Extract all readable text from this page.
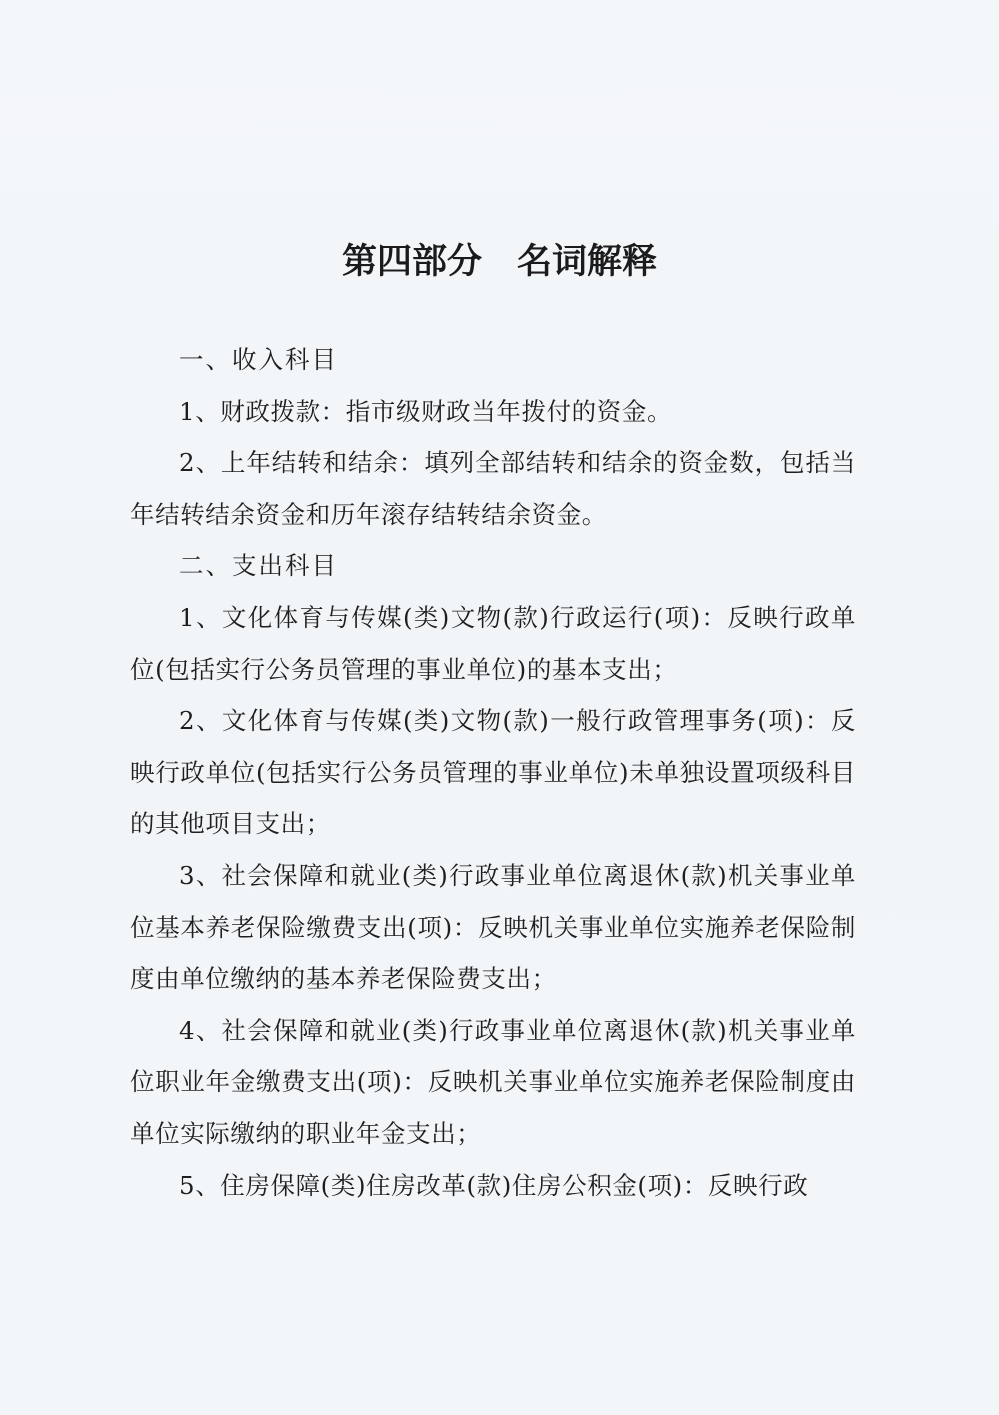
第四部分　名词解释

一、收入科目

1、财政拨款：指市级财政当年拨付的资金。

2、上年结转和结余：填列全部结转和结余的资金数，包括当年结转结余资金和历年滚存结转结余资金。

二、支出科目

1、文化体育与传媒(类)文物(款)行政运行(项)：反映行政单位(包括实行公务员管理的事业单位)的基本支出；

2、文化体育与传媒(类)文物(款)一般行政管理事务(项)：反映行政单位(包括实行公务员管理的事业单位)未单独设置项级科目的其他项目支出；

3、社会保障和就业(类)行政事业单位离退休(款)机关事业单位基本养老保险缴费支出(项)：反映机关事业单位实施养老保险制度由单位缴纳的基本养老保险费支出；

4、社会保障和就业(类)行政事业单位离退休(款)机关事业单位职业年金缴费支出(项)：反映机关事业单位实施养老保险制度由单位实际缴纳的职业年金支出；

5、住房保障(类)住房改革(款)住房公积金(项)：反映行政
